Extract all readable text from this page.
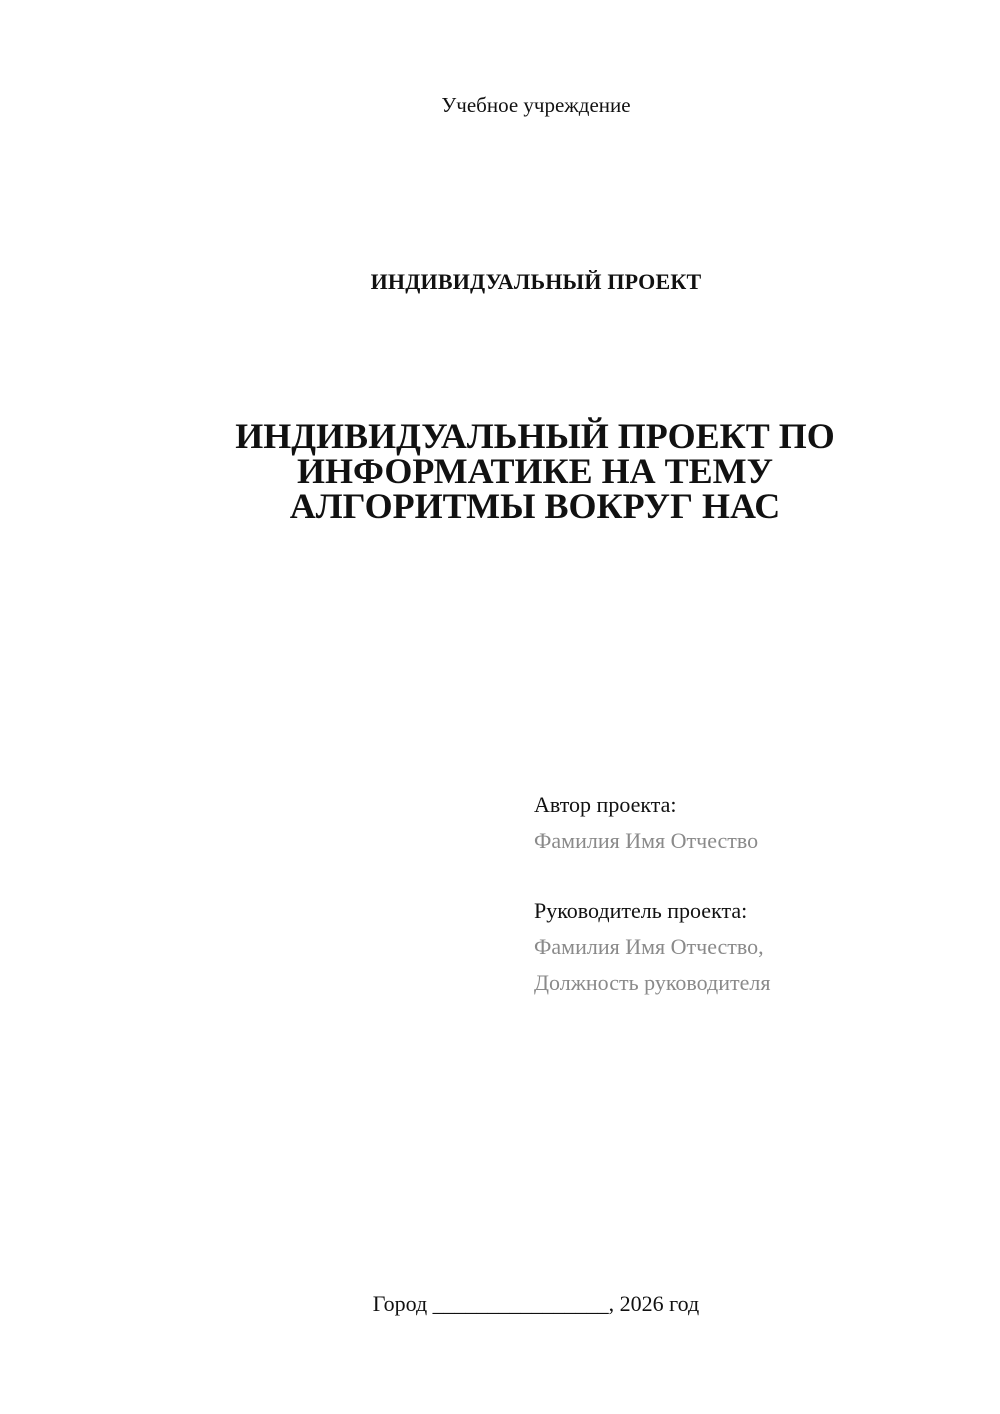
Учебное учреждение
ИНДИВИДУАЛЬНЫЙ ПРОЕКТ
ИНДИВИДУАЛЬНЫЙ ПРОЕКТ ПО
ИНФОРМАТИКЕ НА ТЕМУ
АЛГОРИТМЫ ВОКРУГ НАС
Автор проекта:
Фамилия Имя Отчество
Руководитель проекта:
Фамилия Имя Отчество,
Должность руководителя
Город ________________, 2026 год
